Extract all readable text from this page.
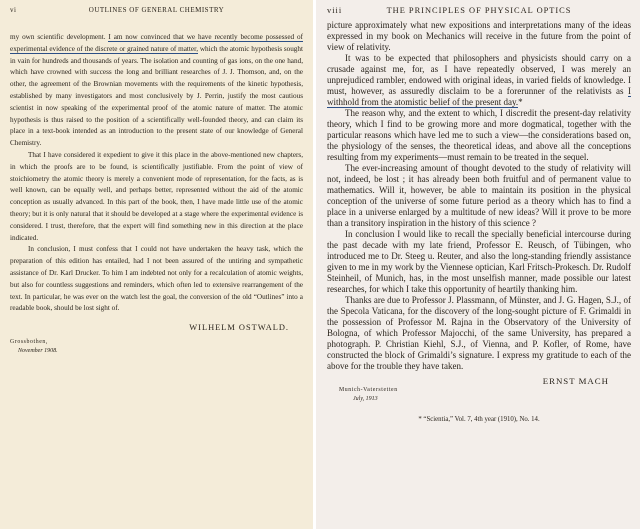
vi	OUTLINES OF GENERAL CHEMISTRY

my own scientific development. I am now convinced that we have recently become possessed of experimental evidence of the discrete or grained nature of matter, which the atomic hypothesis sought in vain for hundreds and thousands of years. The isolation and counting of gas ions, on the one hand, which have crowned with success the long and brilliant researches of J. J. Thomson, and, on the other, the agreement of the Brownian movements with the requirements of the kinetic hypothesis, established by many investigators and most conclusively by J. Perrin, justify the most cautious scientist in now speaking of the experimental proof of the atomic nature of matter. The atomic hypothesis is thus raised to the position of a scientifically well-founded theory, and can claim its place in a text-book intended as an introduction to the present state of our knowledge of General Chemistry.

That I have considered it expedient to give it this place in the above-mentioned new chapters, in which the proofs are to be found, is scientifically justifiable. From the point of view of stoichiometry the atomic theory is merely a convenient mode of representation, for the facts, as is well known, can be equally well, and perhaps better, represented without the aid of the atomic conception as usually advanced. In this part of the book, then, I have made little use of the atomic theory; but it is only natural that it should be developed at a stage where the experimental evidence is considered. I trust, therefore, that the expert will find something new in this direction at the place indicated.

In conclusion, I must confess that I could not have undertaken the heavy task, which the preparation of this edition has entailed, had I not been assured of the untiring and sympathetic assistance of Dr. Karl Drucker. To him I am indebted not only for a recalculation of atomic weights, but also for countless suggestions and reminders, which often led to extensive rearrangement of the text. In particular, he was ever on the watch lest the goal, the conversion of the old “Outlines” into a readable book, should be lost sight of.

WILHELM OSTWALD.
Grossbothen,
November 1908.
viii	THE PRINCIPLES OF PHYSICAL OPTICS

picture approximately what new expositions and interpretations many of the ideas expressed in my book on Mechanics will receive in the future from the point of view of relativity.

It was to be expected that philosophers and physicists should carry on a crusade against me, for, as I have repeatedly observed, I was merely an unprejudiced rambler, endowed with original ideas, in varied fields of knowledge. I must, however, as assuredly disclaim to be a forerunner of the relativists as I withhold from the atomistic belief of the present day.*

The reason why, and the extent to which, I discredit the present-day relativity theory, which I find to be growing more and more dogmatical, together with the particular reasons which have led me to such a view—the considerations based on, the physiology of the senses, the theoretical ideas, and above all the conceptions resulting from my experiments—must remain to be treated in the sequel.

The ever-increasing amount of thought devoted to the study of relativity will not, indeed, be lost ; it has already been both fruitful and of permanent value to mathematics. Will it, however, be able to maintain its position in the physical conception of the universe of some future period as a theory which has to find a place in a universe enlarged by a multitude of new ideas? Will it prove to be more than a transitory inspiration in the history of this science ?

In conclusion I would like to recall the specially beneficial intercourse during the past decade with my late friend, Professor E. Reusch, of Tübingen, who introduced me to Dr. Steeg u. Reuter, and also the long-standing friendly assistance given to me in my work by the Viennese optician, Karl Fritsch-Prokesch. Dr. Rudolf Steinheil, of Munich, has, in the most unselfish manner, made possible our latest researches, for which I take this opportunity of heartily thanking him.

Thanks are due to Professor J. Plassmann, of Münster, and J. G. Hagen, S.J., of the Specola Vaticana, for the discovery of the long-sought picture of F. Grimaldi in the possession of Professor M. Rajna in the Observatory of the University of Bologna, of which Professor Majocchi, of the same University, has prepared a photograph. P. Christian Kiehl, S.J., of Vienna, and P. Kofler, of Rome, have constructed the block of Grimaldi’s signature. I express my gratitude to each of the above for the trouble they have taken.

ERNST MACH
Munich-Vaterstetten
July, 1913
* “Scientia,” Vol. 7, 4th year (1910), No. 14.
